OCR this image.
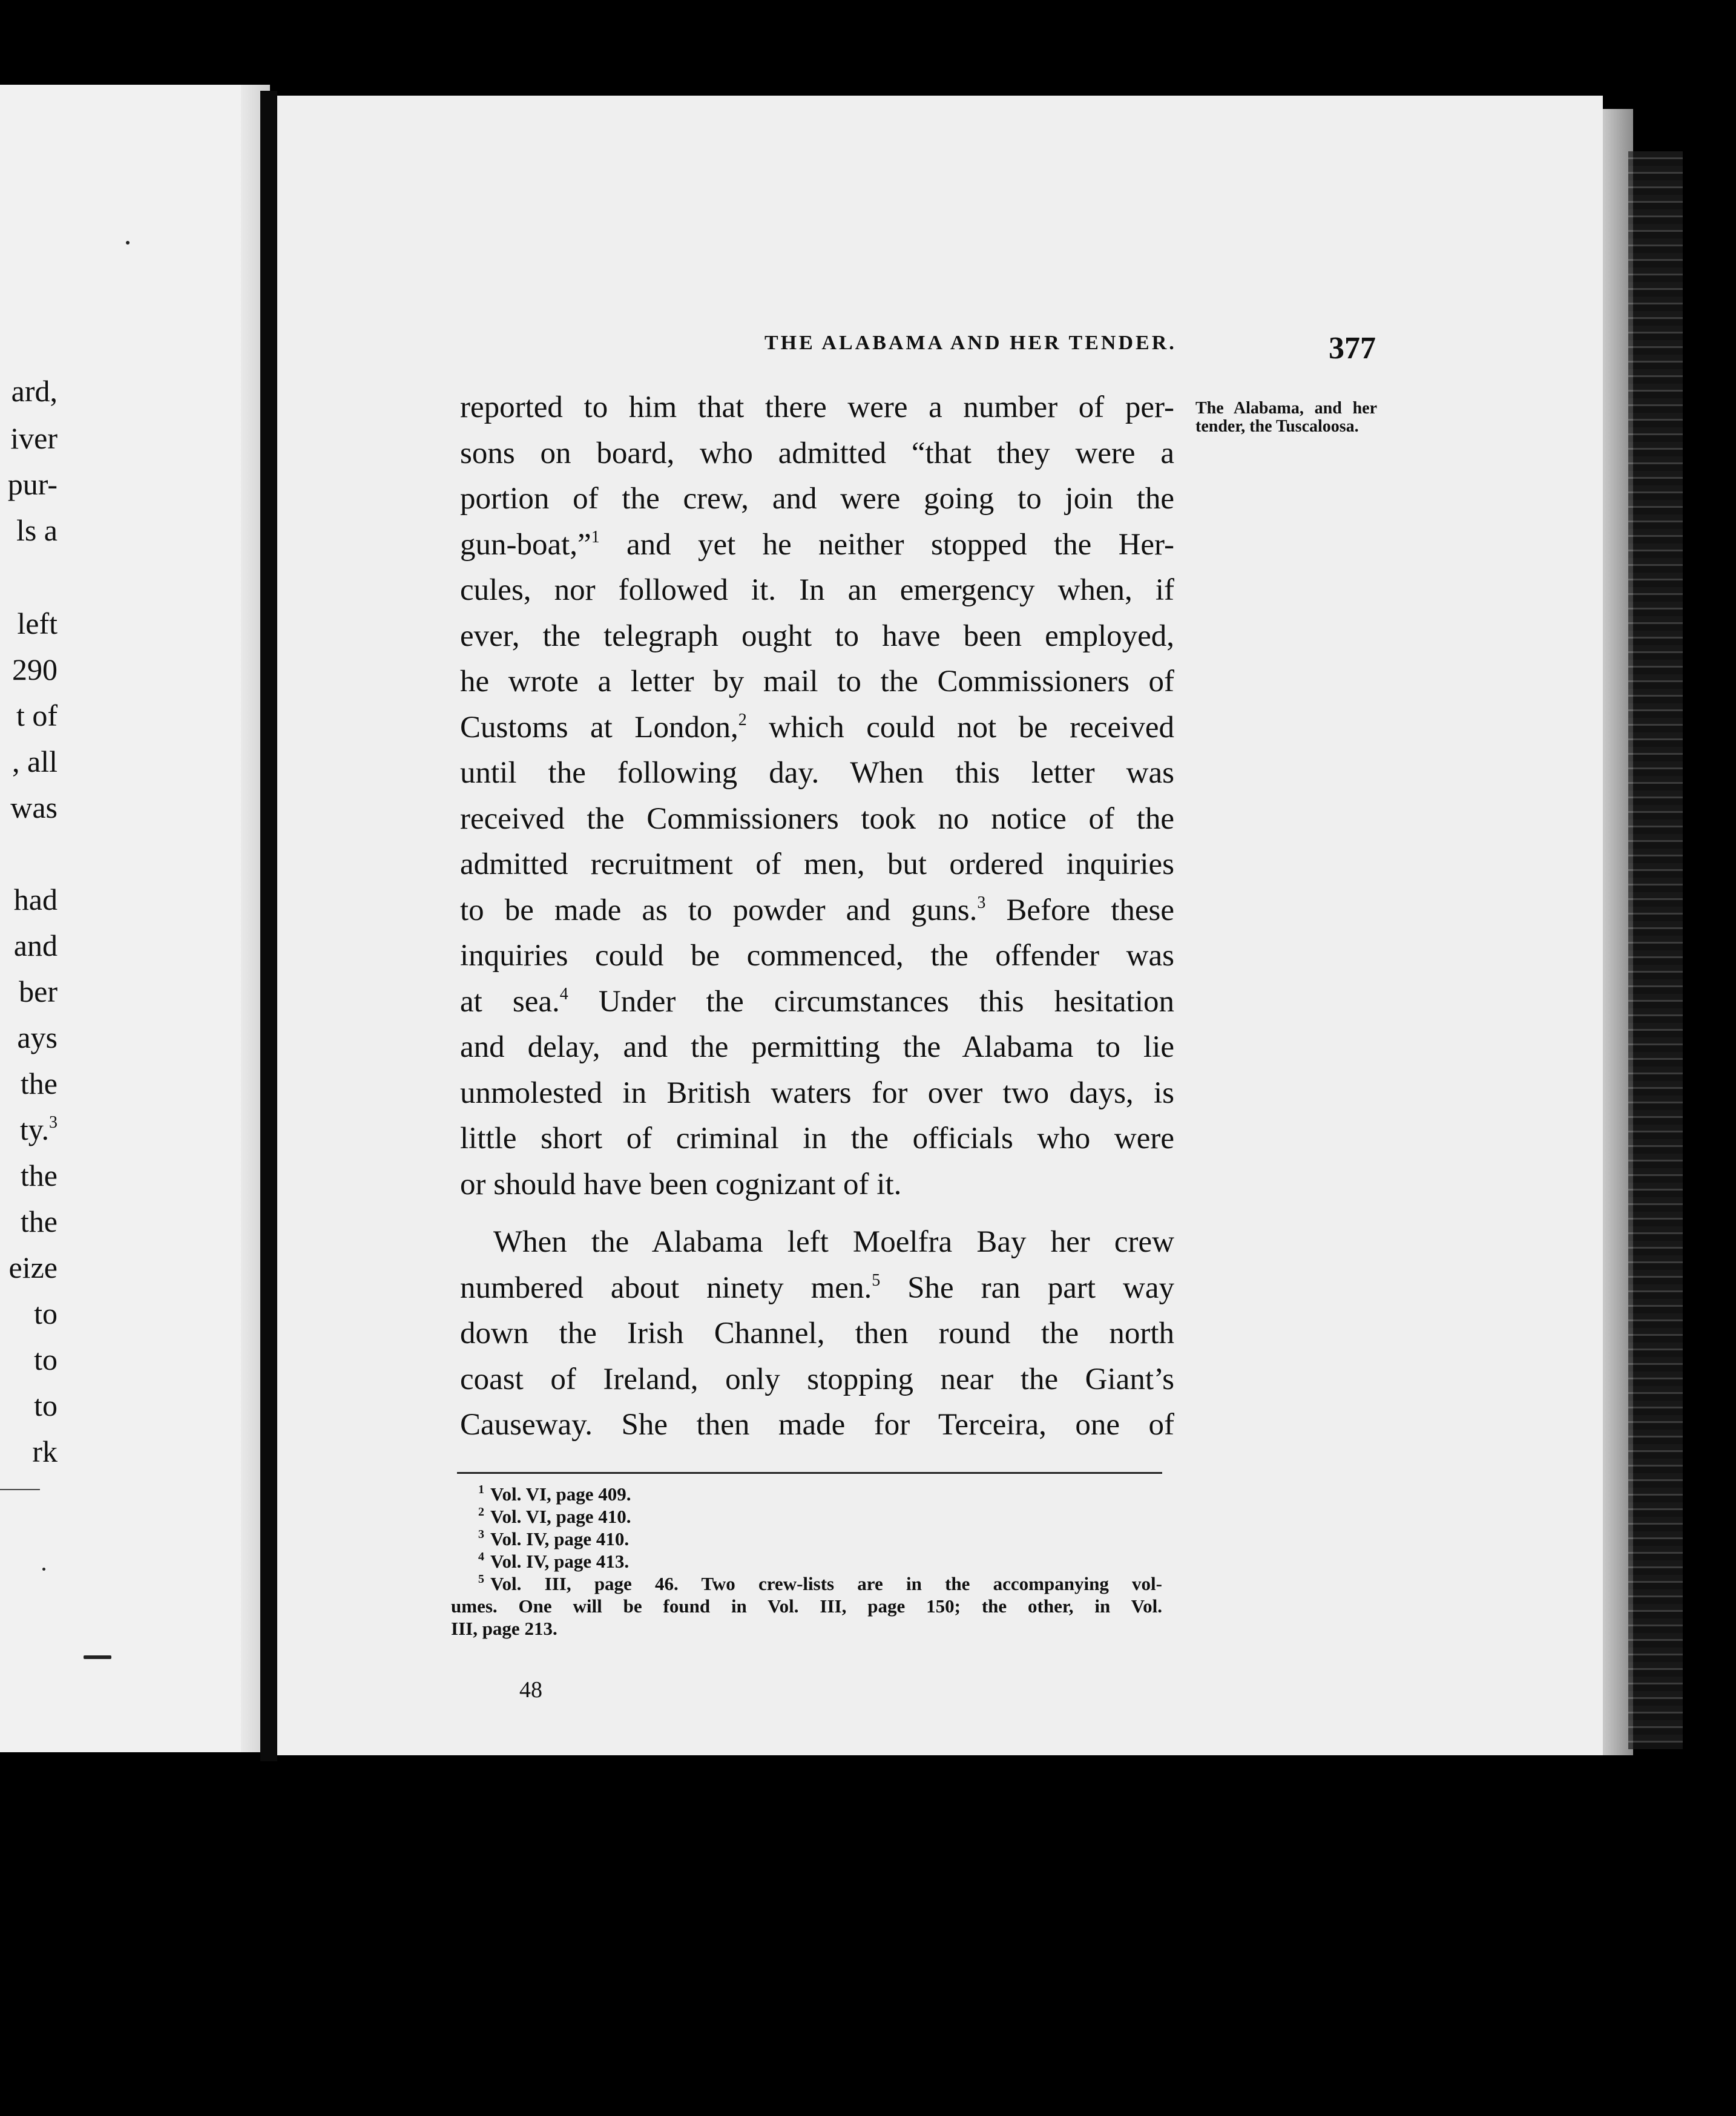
ard,
iver
pur-
ls a
left
290
t of
, all
was
had
and
ber
ays
the
ty.$^3$
the
the
eize
to
to
to
rk
THE ALABAMA AND HER TENDER.	377
The Alabama, and her tender, the Tuscaloosa.
reported to him that there were a number of per-
sons on board, who admitted “that they were a
portion of the crew, and were going to join the
gun-boat,”$^1$ and yet he neither stopped the Her-
cules, nor followed it. In an emergency when, if
ever, the telegraph ought to have been employed,
he wrote a letter by mail to the Commissioners of
Customs at London,$^2$ which could not be received
until the following day. When this letter was
received the Commissioners took no notice of the
admitted recruitment of men, but ordered inquiries
to be made as to powder and guns.$^3$ Before these
inquiries could be commenced, the offender was
at sea.$^4$ Under the circumstances this hesitation
and delay, and the permitting the Alabama to lie
unmolested in British waters for over two days, is
little short of criminal in the officials who were
or should have been cognizant of it.
When the Alabama left Moelfra Bay her crew
numbered about ninety men.$^5$ She ran part way
down the Irish Channel, then round the north
coast of Ireland, only stopping near the Giant’s
Causeway. She then made for Terceira, one of
$^1$ Vol. VI, page 409.
$^2$ Vol. VI, page 410.
$^3$ Vol. IV, page 410.
$^4$ Vol. IV, page 413.
$^5$ Vol. III, page 46. Two crew-lists are in the accompanying vol-
umes. One will be found in Vol. III, page 150; the other, in Vol.
III, page 213.
48
